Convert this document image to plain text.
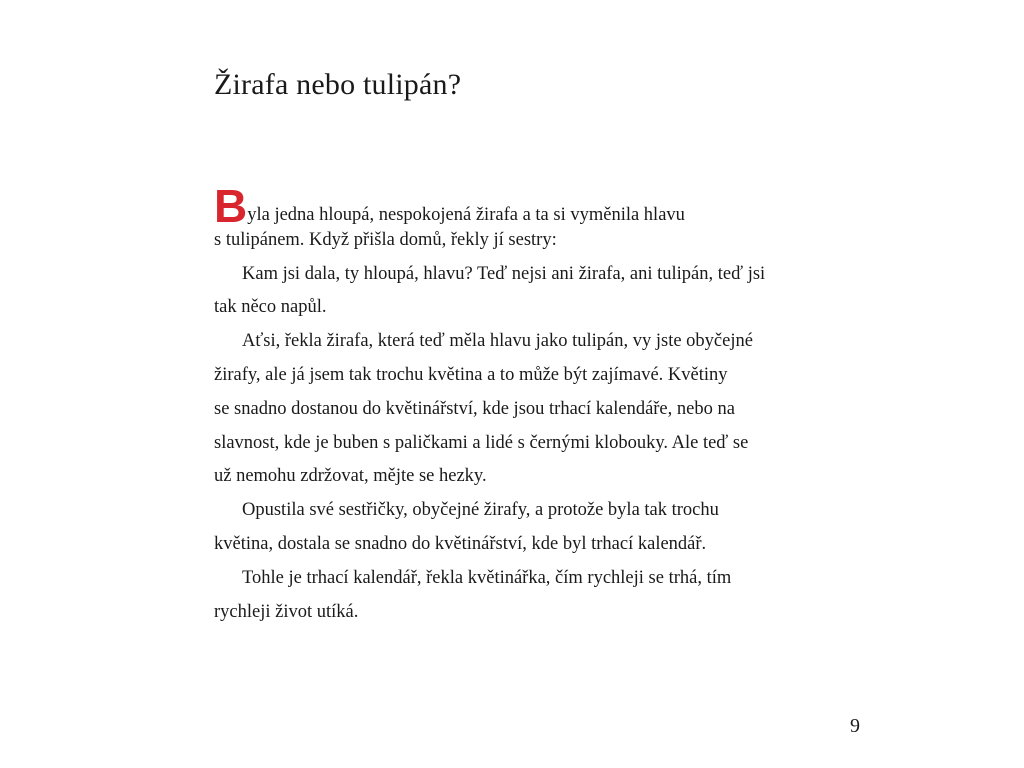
Žirafa nebo tulipán?
Byla jedna hloupá, nespokojená žirafa a ta si vyměnila hlavu
s tulipánem. Když přišla domů, řekly jí sestry:
Kam jsi dala, ty hloupá, hlavu? Teď nejsi ani žirafa, ani tulipán, teď jsi
tak něco napůl.
Aťsi, řekla žirafa, která teď měla hlavu jako tulipán, vy jste obyčejné
žirafy, ale já jsem tak trochu květina a to může být zajímavé. Květiny
se snadno dostanou do květinářství, kde jsou trhací kalendáře, nebo na
slavnost, kde je buben s paličkami a lidé s černými klobouky. Ale teď se
už nemohu zdržovat, mějte se hezky.
Opustila své sestřičky, obyčejné žirafy, a protože byla tak trochu
květina, dostala se snadno do květinářství, kde byl trhací kalendář.
Tohle je trhací kalendář, řekla květinářka, čím rychleji se trhá, tím
rychleji život utíká.
9
